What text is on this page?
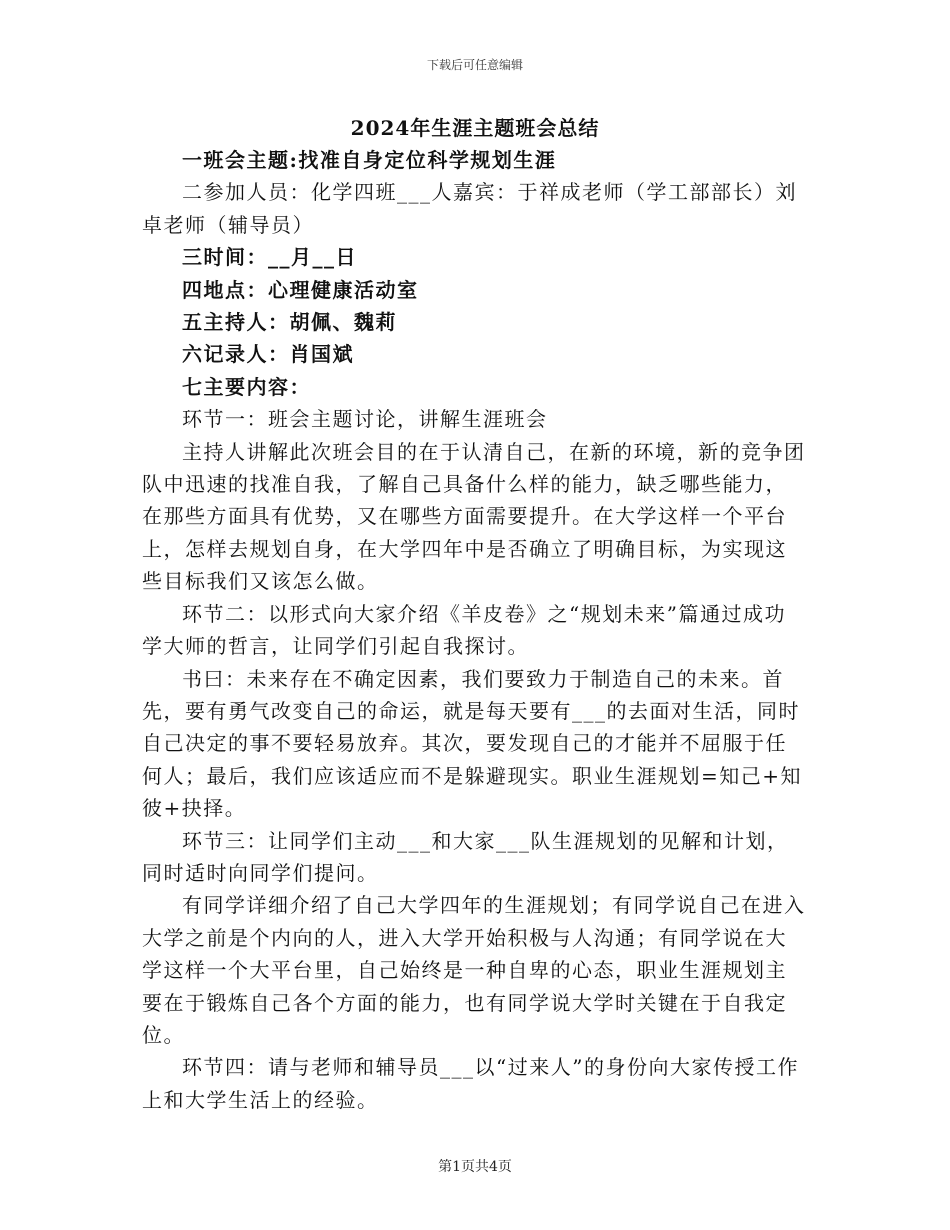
下载后可任意编辑
2024年生涯主题班会总结

一班会主题:找准自身定位科学规划生涯

二参加人员：化学四班___人嘉宾：于祥成老师（学工部部长）刘卓老师（辅导员）

三时间：__月__日

四地点：心理健康活动室

五主持人：胡佩、魏莉

六记录人：肖国斌

七主要内容：

环节一：班会主题讨论，讲解生涯班会

主持人讲解此次班会目的在于认清自己，在新的环境，新的竞争团队中迅速的找准自我，了解自己具备什么样的能力，缺乏哪些能力，在那些方面具有优势，又在哪些方面需要提升。在大学这样一个平台上，怎样去规划自身，在大学四年中是否确立了明确目标，为实现这些目标我们又该怎么做。

环节二：以形式向大家介绍《羊皮卷》之“规划未来”篇通过成功学大师的哲言，让同学们引起自我探讨。

书曰：未来存在不确定因素，我们要致力于制造自己的未来。首先，要有勇气改变自己的命运，就是每天要有___的去面对生活，同时自己决定的事不要轻易放弃。其次，要发现自己的才能并不屈服于任何人；最后，我们应该适应而不是躲避现实。职业生涯规划=知己+知彼+抉择。

环节三：让同学们主动___和大家___队生涯规划的见解和计划，同时适时向同学们提问。

有同学详细介绍了自己大学四年的生涯规划；有同学说自己在进入大学之前是个内向的人，进入大学开始积极与人沟通；有同学说在大学这样一个大平台里，自己始终是一种自卑的心态，职业生涯规划主要在于锻炼自己各个方面的能力，也有同学说大学时关键在于自我定位。

环节四：请与老师和辅导员___以“过来人”的身份向大家传授工作上和大学生活上的经验。

第1页共4页
